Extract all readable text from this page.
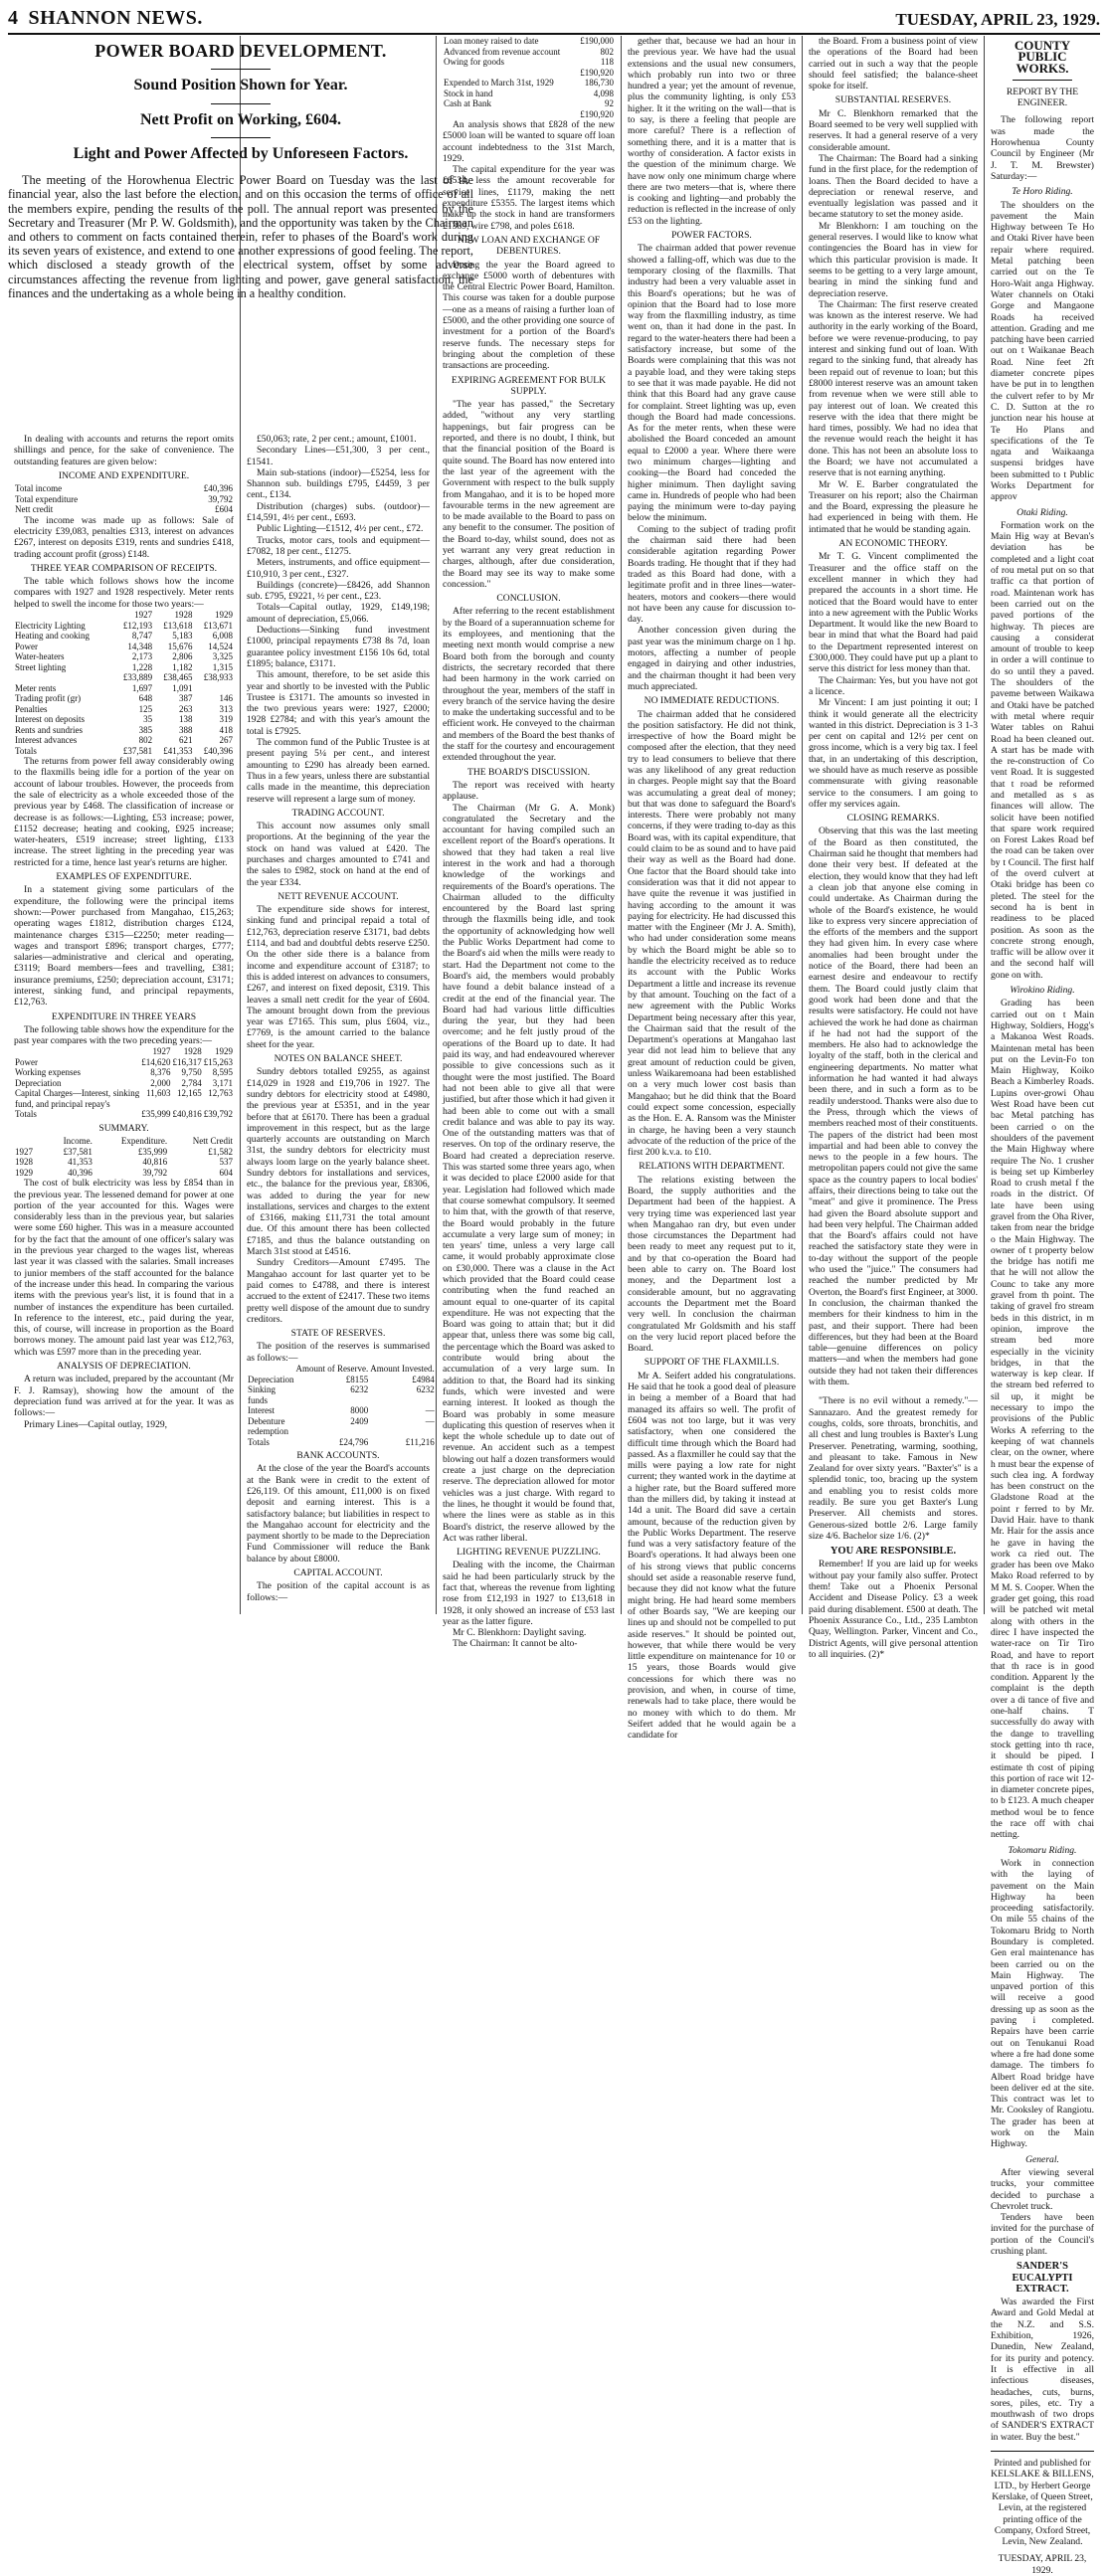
4 SHANNON NEWS.	TUESDAY, APRIL 23, 1929.
POWER BOARD DEVELOPMENT.
Sound Position Shown for Year.
Nett Profit on Working, £604.
Light and Power Affected by Unforeseen Factors.
The meeting of the Horowhenua Electric Power Board on Tuesday was the last of the financial year, also the last before the election, and on this occasion the terms of office of all the members expire, pending the results of the poll. The annual report was presented by the Secretary and Treasurer (Mr P. W. Goldsmith), and the opportunity was taken by the Chairman and others to comment on facts contained therein, refer to phases of the Board's work during its seven years of existence, and extend to one another expressions of good feeling. The report, which disclosed a steady growth of the electrical system, offset by some adverse circumstances affecting the revenue from lighting and power, gave general satisfaction, the finances and the undertaking as a whole being in a healthy condition.

In dealing with accounts and returns the report omits shillings and pence, for the sake of convenience. The outstanding features are given below:

INCOME AND EXPENDITURE.
Total income	£40,396
Total expenditure	39,792
Nett credit	£604

The income was made up as follows: Sale of electricity £39,083, penalties £313, interest on advances £267, interest on deposits £319, rents and sundries £418, trading account profit (gross) £148.

THREE YEAR COMPARISON OF RECEIPTS.

The table which follows shows how the income compares with 1927 and 1928 respectively. Meter rents helped to swell the income for those two years:—

	1927	1928	1929
Electricity Lighting	£12,193	£13,618	£13,671
Heating and cooking	8,747	5,183	6,008
Power	14,348	15,676	14,524
Water-heaters	2,173	2,806	3,325
Street lighting	1,228	1,182	1,315
	£33,889	£38,465	£38,933
Meter rents	1,697	1,091	
Trading profit (gr)	648	387	146
Penalties	125	263	313
Interest on deposits	35	138	319
Rents and sundries	385	388	418
Interest advances	802	621	267
Totals	£37,581	£41,353	£40,396

The returns from power fell away considerably owing to the flaxmills being idle for a portion of the year on account of labour troubles. However, the proceeds from the sale of electricity as a whole exceeded those of the previous year by £468. The classification of increase or decrease is as follows:—Lighting, £53 increase; power, £1152 decrease; heating and cooking, £925 increase; water-heaters, £519 increase; street lighting, £133 increase. The street lighting in the preceding year was restricted for a time, hence last year's returns are higher.

EXAMPLES OF EXPENDITURE.

In a statement giving some particulars of the expenditure, the following were the principal items shown:—Power purchased from Mangahao, £15,263; operating wages £1812, distribution charges £124, maintenance charges £315—£2250; meter reading—wages and transport £896; transport charges, £777; salaries—administrative and clerical and operating, £3119; Board members—fees and travelling, £381; insurance premiums, £250; depreciation account, £3171; interest, sinking fund, and principal repayments, £12,763.

EXPENDITURE IN THREE YEARS

The following table shows how the expenditure for the past year compares with the two preceding years:—

	1927	1928	1929
Power	£14,620	£16,317	£15,263
Working expenses	8,376	9,750	8,595
Depreciation	2,000	2,784	3,171
Capital Charges—Interest, sinking fund, and principal repay's	11,603	12,165	12,763
Totals	£35,999	£40,816	£39,792
SUMMARY.
	Income.	Expenditure.	Nett Credit
1927	£37,581	£35,999	£1,582
1928	41,353	40,816	537
1929	40,396	39,792	604

The cost of bulk electricity was less by £854 than in the previous year. The lessened demand for power at one portion of the year accounted for this. Wages were considerably less than in the previous year, but salaries were some £60 higher. This was in a measure accounted for by the fact that the amount of one officer's salary was in the previous year charged to the wages list, whereas last year it was classed with the salaries. Small increases to junior members of the staff accounted for the balance of the increase under this head. In comparing the various items with the previous year's list, it is found that in a number of instances the expenditure has been curtailed. In reference to the interest, etc., paid during the year, this, of course, will increase in proportion as the Board borrows money. The amount paid last year was £12,763, which was £597 more than in the preceding year.

ANALYSIS OF DEPRECIATION.

A return was included, prepared by the accountant (Mr F. J. Ramsay), showing how the amount of the depreciation fund was arrived at for the year. It was as follows:—

Primary Lines—Capital outlay, 1929,

£50,063; rate, 2 per cent.; amount, £1001.

Secondary Lines—£51,300, 3 per cent., £1541.

Main sub-stations (indoor)—£5254, less for Shannon sub. buildings £795, £4459, 3 per cent., £134.

Distribution (charges) subs. (outdoor)—£14,591, 4½ per cent., £693.

Public Lighting—£1512, 4½ per cent., £72.

Trucks, motor cars, tools and equipment—£7082, 18 per cent., £1275.

Meters, instruments, and office equipment—£10,910, 3 per cent., £327.

Buildings (concrete)—£8426, add Shannon sub. £795, £9221, ½ per cent., £23.

Totals—Capital outlay, 1929, £149,198; amount of depreciation, £5,066.

Deductions—Sinking fund investment £1000, principal repayments £738 8s 7d, loan guarantee policy investment £156 10s 6d, total £1895; balance, £3171.

This amount, therefore, to be set aside this year and shortly to be invested with the Public Trustee is £3171. The amounts so invested in the two previous years were: 1927, £2000; 1928 £2784; and with this year's amount the total is £7925.

The common fund of the Public Trustee is at present paying 5¼ per cent., and interest amounting to £290 has already been earned. Thus in a few years, unless there are substantial calls made in the meantime, this depreciation reserve will represent a large sum of money.

TRADING ACCOUNT.

This account now assumes only small proportions. At the beginning of the year the stock on hand was valued at £420. The purchases and charges amounted to £741 and the sales to £982, stock on hand at the end of the year £334.

NETT REVENUE ACCOUNT.

The expenditure side shows for interest, sinking fund and principal repaid a total of £12,763, depreciation reserve £3171, bad debts £114, and bad and doubtful debts reserve £250. On the other side there is a balance from income and expenditure account of £3187; to this is added interest on advances to consumers, £267, and interest on fixed deposit, £319. This leaves a small nett credit for the year of £604. The amount brought down from the previous year was £7165. This sum, plus £604, viz., £7769, is the amount carried to the balance sheet for the year.

NOTES ON BALANCE SHEET.

Sundry debtors totalled £9255, as against £14,029 in 1928 and £19,706 in 1927. The sundry debtors for electricity stood at £4980, the previous year at £5351, and in the year before that at £6170. There has been a gradual improvement in this respect, but as the large quarterly accounts are outstanding on March 31st, the sundry debtors for electricity must always loom large on the yearly balance sheet. Sundry debtors for installations and services, etc., the balance for the previous year, £8306, was added to during the year for new installations, services and charges to the extent of £3166, making £11,731 the total amount due. Of this amount there has been collected £7185, and thus the balance outstanding on March 31st stood at £4516.

Sundry Creditors—Amount £7495. The Mangahao account for last quarter yet to be paid comes to £4788, and there is interest accrued to the extent of £2417. These two items pretty well dispose of the amount due to sundry creditors.

STATE OF RESERVES.

The position of the reserves is summarised as follows:—

	Amount of Reserve.	Amount Invested.
Depreciation	£8155	£4984
Sinking funds	6232	6232
Interest	8000	—
Debenture redemption	2409	—
Totals	£24,796	£11,216
BANK ACCOUNTS.

At the close of the year the Board's accounts at the Bank were in credit to the extent of £26,119. Of this amount, £11,000 is on fixed deposit and earning interest. This is a satisfactory balance; but liabilities in respect to the Mangahao account for electricity and the payment shortly to be made to the Depreciation Fund Commissioner will reduce the Bank balance by about £8000.

CAPITAL ACCOUNT.

The position of the capital account is as follows:—

Loan money raised to date	£190,000
Advanced from revenue account	802
Owing for goods	118
	£190,920
Expended to March 31st, 1929	186,730
Stock in hand	4,098
Cash at Bank	92
	£190,920

An analysis shows that £828 of the new £5000 loan will be wanted to square off loan account indebtedness to the 31st March, 1929.

The capital expenditure for the year was £6534, less the amount recoverable for service lines, £1179, making the nett expenditure £5355. The largest items which make up the stock in hand are transformers £1389, wire £798, and poles £618.

NEW LOAN AND EXCHANGE OF DEBENTURES.

During the year the Board agreed to exchange £5000 worth of debentures with the Central Electric Power Board, Hamilton. This course was taken for a double purpose—one as a means of raising a further loan of £5000, and the other providing one source of investment for a portion of the Board's reserve funds. The necessary steps for bringing about the completion of these transactions are proceeding.

EXPIRING AGREEMENT FOR BULK SUPPLY.

"The year has passed," the Secretary added, "without any very startling happenings, but fair progress can be reported, and there is no doubt, I think, but that the financial position of the Board is quite sound. The Board has now entered into the last year of the agreement with the Government with respect to the bulk supply from Mangahao, and it is to be hoped more favourable terms in the new agreement are to be made available to the Board to pass on any benefit to the consumer. The position of the Board to-day, whilst sound, does not as yet warrant any very great reduction in charges, although, after due consideration, the Board may see its way to make some concession."

CONCLUSION.

After referring to the recent establishment by the Board of a superannuation scheme for its employees, and mentioning that the meeting next month would comprise a new Board both from the borough and county districts, the secretary recorded that there had been harmony in the work carried on throughout the year, members of the staff in every branch of the service having the desire to make the undertaking successful and to be efficient work. He conveyed to the chairman and members of the Board the best thanks of the staff for the courtesy and encouragement extended throughout the year.

THE BOARD'S DISCUSSION.

The report was received with hearty applause.

The Chairman (Mr G. A. Monk) congratulated the Secretary and the accountant for having compiled such an excellent report of the Board's operations. It showed that they had taken a real live interest in the work and had a thorough knowledge of the workings and requirements of the Board's operations. The Chairman alluded to the difficulty encountered by the Board last spring through the flaxmills being idle, and took the opportunity of acknowledging how well the Public Works Department had come to the Board's aid when the mills were ready to start. Had the Department not come to the Board's aid, the members would probably have found a debit balance instead of a credit at the end of the financial year. The Board had had various little difficulties during the year, but they had been overcome; and he felt justly proud of the operations of the Board up to date. It had paid its way, and had endeavoured wherever possible to give concessions such as it thought were the most justified. The Board had not been able to give all that were justified, but after those which it had given it had been able to come out with a small credit balance and was able to pay its way. One of the outstanding matters was that of reserves. On top of the ordinary reserve, the Board had created a depreciation reserve. This was started some three years ago, when it was decided to place £2000 aside for that year. Legislation had followed which made that course somewhat compulsory. It seemed to him that, with the growth of that reserve, the Board would probably in the future accumulate a very large sum of money; in ten years' time, unless a very large call came, it would probably approximate close on £30,000. There was a clause in the Act which provided that the Board could cease contributing when the fund reached an amount equal to one-quarter of its capital expenditure. He was not expecting that the Board was going to attain that; but it did appear that, unless there was some big call, the percentage which the Board was asked to contribute would bring about the accumulation of a very large sum. In addition to that, the Board had its sinking funds, which were invested and were earning interest. It looked as though the Board was probably in some measure duplicating this question of reserves when it kept the whole schedule up to date out of revenue. An accident such as a tempest blowing out half a dozen transformers would create a just charge on the depreciation reserve. The depreciation allowed for motor vehicles was a just charge. With regard to the lines, he thought it would be found that, where the lines were as stable as in this Board's district, the reserve allowed by the Act was rather liberal.

LIGHTING REVENUE PUZZLING.

Dealing with the income, the Chairman said he had been particularly struck by the fact that, whereas the revenue from lighting rose from £12,193 in 1927 to £13,618 in 1928, it only showed an increase of £53 last year as the latter figure.

Mr C. Blenkhorn: Daylight saving.

The Chairman: It cannot be alto-

gether that, because we had an hour in the previous year. We have had the usual extensions and the usual new consumers, which probably run into two or three hundred a year; yet the amount of revenue, plus the community lighting, is only £53 higher. It it the writing on the wall—that is to say, is there a feeling that people are more careful? There is a reflection of something there, and it is a matter that is worthy of consideration. A factor exists in the question of the minimum charge. We have now only one minimum charge where there are two meters—that is, where there is cooking and lighting—and probably the reduction is reflected in the increase of only £53 on the lighting.

POWER FACTORS.

The chairman added that power revenue showed a falling-off, which was due to the temporary closing of the flaxmills. That industry had been a very valuable asset in this Board's operations; but he was of opinion that the Board had to lose more way from the flaxmilling industry, as time went on, than it had done in the past. In regard to the water-heaters there had been a satisfactory increase, but some of the Boards were complaining that this was not a payable load, and they were taking steps to see that it was made payable. He did not think that this Board had any grave cause for complaint. Street lighting was up, even though the Board had made concessions. As for the meter rents, when these were abolished the Board conceded an amount equal to £2000 a year. Where there were two minimum charges—lighting and cooking—the Board had conceded the higher minimum. Then daylight saving came in. Hundreds of people who had been paying the minimum were to-day paying below the minimum.

Coming to the subject of trading profit the chairman said there had been considerable agitation regarding Power Boards trading. He thought that if they had traded as this Board had done, with a legitimate profit and in three lines—water-heaters, motors and cookers—there would not have been any cause for discussion to-day.

Another concession given during the past year was the minimum charge on 1 hp. motors, affecting a number of people engaged in dairying and other industries, and the chairman thought it had been very much appreciated.

NO IMMEDIATE REDUCTIONS.

The chairman added that he considered the position satisfactory. He did not think, irrespective of how the Board might be composed after the election, that they need try to lead consumers to believe that there was any likelihood of any great reduction in charges. People might say that the Board was accumulating a great deal of money; but that was done to safeguard the Board's interests. There were probably not many concerns, if they were trading to-day as this Board was, with its capital expenditure, that could claim to be as sound and to have paid their way as well as the Board had done. One factor that the Board should take into consideration was that it did not appear to have quite the revenue it was justified in having according to the amount it was paying for electricity. He had discussed this matter with the Engineer (Mr J. A. Smith), who had under consideration some means by which the Board might be able so to handle the electricity received as to reduce its account with the Public Works Department a little and increase its revenue by that amount. Touching on the fact of a new agreement with the Public Works Department being necessary after this year, the Chairman said that the result of the Department's operations at Mangahao last year did not lead him to believe that any great amount of reduction could be given, unless Waikaremoana had been established on a very much lower cost basis than Mangahao; but he did think that the Board could expect some concession, especially as the Hon. E. A. Ransom was the Minister in charge, he having been a very staunch advocate of the reduction of the price of the first 200 k.v.a. to £10.

RELATIONS WITH DEPARTMENT.

The relations existing between the Board, the supply authorities and the Department had been of the happiest. A very trying time was experienced last year when Mangahao ran dry, but even under those circumstances the Department had been ready to meet any request put to it, and by that co-operation the Board had been able to carry on. The Board lost money, and the Department lost a considerable amount, but no aggravating accounts the Department met the Board very well. In conclusion the chairman congratulated Mr Goldsmith and his staff on the very lucid report placed before the Board.

SUPPORT OF THE FLAXMILLS.

Mr A. Seifert added his congratulations. He said that he took a good deal of pleasure in being a member of a Board that had managed its affairs so well. The profit of £604 was not too large, but it was very satisfactory, when one considered the difficult time through which the Board had passed. As a flaxmiller he could say that the mills were paying a low rate for night current; they wanted work in the daytime at a higher rate, but the Board suffered more than the millers did, by taking it instead at 14d a unit. The Board did save a certain amount, because of the reduction given by the Public Works Department. The reserve fund was a very satisfactory feature of the Board's operations. It had always been one of his strong views that public concerns should set aside a reasonable reserve fund, because they did not know what the future might bring. He had heard some members of other Boards say, "We are keeping our lines up and should not be compelled to put aside reserves." It should be pointed out, however, that while there would be very little expenditure on maintenance for 10 or 15 years, those Boards would give concessions for which there was no provision, and when, in course of time, renewals had to take place, there would be no money with which to do them. Mr Seifert added that he would again be a candidate for

the Board. From a business point of view the operations of the Board had been carried out in such a way that the people should feel satisfied; the balance-sheet spoke for itself.

SUBSTANTIAL RESERVES.

Mr C. Blenkhorn remarked that the Board seemed to be very well supplied with reserves. It had a general reserve of a very considerable amount.

The Chairman: The Board had a sinking fund in the first place, for the redemption of loans. Then the Board decided to have a depreciation or renewal reserve, and eventually legislation was passed and it became statutory to set the money aside.

Mr Blenkhorn: I am touching on the general reserves. I would like to know what contingencies the Board has in view for which this particular provision is made. It seems to be getting to a very large amount, bearing in mind the sinking fund and depreciation reserve.

The Chairman: The first reserve created was known as the interest reserve. We had authority in the early working of the Board, before we were revenue-producing, to pay interest and sinking fund out of loan. With regard to the sinking fund, that already has been repaid out of revenue to loan; but this £8000 interest reserve was an amount taken from revenue when we were still able to pay interest out of loan. We created this reserve with the idea that there might be hard times, possibly. We had no idea that the revenue would reach the height it has done. This has not been an absolute loss to the Board; we have not accumulated a reserve that is not earning anything.

Mr W. E. Barber congratulated the Treasurer on his report; also the Chairman and the Board, expressing the pleasure he had experienced in being with them. He intimated that he would be standing again.

AN ECONOMIC THEORY.

Mr T. G. Vincent complimented the Treasurer and the office staff on the excellent manner in which they had prepared the accounts in a short time. He noticed that the Board would have to enter into a new agreement with the Public Works Department. It would like the new Board to bear in mind that what the Board had paid to the Department represented interest on £300,000. They could have put up a plant to serve this district for less money than that.

The Chairman: Yes, but you have not got a licence.

Mr Vincent: I am just pointing it out; I think it would generate all the electricity wanted in this district. Depreciation is 3 1-3 per cent on capital and 12½ per cent on gross income, which is a very big tax. I feel that, in an undertaking of this description, we should have as much reserve as possible commensurate with giving reasonable service to the consumers. I am going to offer my services again.

CLOSING REMARKS.

Observing that this was the last meeting of the Board as then constituted, the Chairman said he thought that members had done their very best. If defeated at the election, they would know that they had left a clean job that anyone else coming in could undertake. As Chairman during the whole of the Board's existence, he would like to express very sincere appreciation of the efforts of the members and the support they had given him. In every case where anomalies had been brought under the notice of the Board, there had been an earnest desire and endeavour to rectify them. The Board could justly claim that good work had been done and that the results were satisfactory. He could not have achieved the work he had done as chairman if he had not had the support of the members. He also had to acknowledge the loyalty of the staff, both in the clerical and engineering departments. No matter what information he had wanted it had always been there, and in such a form as to be readily understood. Thanks were also due to the Press, through which the views of members reached most of their constituents. The papers of the district had been most impartial and had been able to convey the news to the people in a few hours. The metropolitan papers could not give the same space as the country papers to local bodies' affairs, their directions being to take out the "meat" and give it prominence. The Press had given the Board absolute support and had been very helpful. The Chairman added that the Board's affairs could not have reached the satisfactory state they were in to-day without the support of the people who used the "juice." The consumers had reached the number predicted by Mr Overton, the Board's first Engineer, at 3000. In conclusion, the chairman thanked the members for their kindness to him in the past, and their support. There had been differences, but they had been at the Board table—genuine differences on policy matters—and when the members had gone outside they had not taken their differences with them.

"There is no evil without a remedy."—Sannazaro. And the greatest remedy for coughs, colds, sore throats, bronchitis, and all chest and lung troubles is Baxter's Lung Preserver. Penetrating, warming, soothing, and pleasant to take. Famous in New Zealand for over sixty years. "Baxter's" is a splendid tonic, too, bracing up the system and enabling you to resist colds more readily. Be sure you get Baxter's Lung Preserver. All chemists and stores. Generous-sized bottle 2/6. Large family size 4/6. Bachelor size 1/6. (2)*

YOU ARE RESPONSIBLE.

Remember! If you are laid up for weeks without pay your family also suffer. Protect them! Take out a Phoenix Personal Accident and Disease Policy. £3 a week paid during disablement. £500 at death. The Phoenix Assurance Co., Ltd., 235 Lambton Quay, Wellington. Parker, Vincent and Co., District Agents, will give personal attention to all inquiries. (2)*

COUNTY PUBLIC WORKS.
REPORT BY THE ENGINEER.

The following report was made the Horowhenua County Council by Engineer (Mr J. T. M. Brewster) Saturday:—

Te Horo Riding.

The shoulders on the pavement the Main Highway between Te Ho and Otaki River have been repair where required. Metal patching been carried out on the Te Horo-Wait anga Highway. Water channels on Otaki Gorge and Mangaone Roads ha received attention. Grading and me patching have been carried out on t Waikanae Beach Road. Nine feet 2ft diameter concrete pipes have be put in to lengthen the culvert refer to by Mr C. D. Sutton at the ro junction near his house at Te Ho Plans and specifications of the Te ngata and Waikaanga suspensi bridges have been submitted to t Public Works Department for approv

Otaki Riding.

Formation work on the Main Hig way at Bevan's deviation has be completed and a light coat of rou metal put on so that traffic ca that portion of road. Maintenan work has been carried out on the paved portions of the highway. Th pieces are causing a considerat amount of trouble to keep in order a will continue to do so until they a paved. The shoulders of the paveme between Waikawa and Otaki have be patched with metal where requir Water tables on Rahui Road ha been cleaned out. A start has be made with the re-construction of Co vent Road. It is suggested that t road be reformed and metalled as s as finances will allow. The solicit have been notified that spare work required on Forest Lakes Road bef the road can be taken over by t Council. The first half of the overd culvert at Otaki bridge has been co pleted. The steel for the second ha is bent in readiness to be placed position. As soon as the concrete strong enough, traffic will be allow over it and the second half will gone on with.

Wirokino Riding.

Grading has been carried out on t Main Highway, Soldiers, Hogg's a Makanoa West Roads. Maintenan metal has been put on the Levin-Fo ton Main Highway, Koiko Beach a Kimberley Roads. Lupins over-growi Ohau West Road have been cut bac Metal patching has been carried o on the shoulders of the pavement the Main Highway where require The No. 1 crusher is being set up Kimberley Road to crush metal f the roads in the district. Of late have been using gravel from the Oha River, taken from near the bridge o the Main Highway. The owner of t property below the bridge has notifi me that he will not allow the Counc to take any more gravel from th point. The taking of gravel fro stream beds in this district, in m opinion, improve the stream bed more especially in the vicinity bridges, in that the waterway is kep clear. If the stream bed referred to sil up, it might be necessary to impo the provisions of the Public Works A referring to the keeping of wat channels clear, on the owner, where h must bear the expense of such clea ing. A fordway has been construct on the Gladstone Road at the point r ferred to by Mr. David Hair. have to thank Mr. Hair for the assis ance he gave in having the work ca ried out. The grader has been ove Mako Mako Road referred to by M M. S. Cooper. When the grader get going, this road will be patched wit metal along with others in the direc I have inspected the water-race on Tir Tiro Road, and have to report that th race is in good condition. Apparent ly the complaint is the depth over a di tance of five and one-half chains. T successfully do away with the dange to travelling stock getting into th race, it should be piped. I estimate th cost of piping this portion of race wit 12-in diameter concrete pipes, to b £123. A much cheaper method woul be to fence the race off with chai netting.

Tokomaru Riding.

Work in connection with the laying of pavement on the Main Highway ha been proceeding satisfactorily. On mile 55 chains of the Tokomaru Bridg to North Boundary is completed. Gen eral maintenance has been carried ou on the Main Highway. The unpaved portion of this will receive a good dressing up as soon as the paving i completed. Repairs have been carrie out on Tenukanui Road where a fre had done some damage. The timbers fo Albert Road bridge have been deliver ed at the site. This contract was let to Mr. Cooksley of Rangiotu. The grader has been at work on the Main Highway.

General.

After viewing several trucks, your committee decided to purchase a Chevrolet truck.

Tenders have been invited for the purchase of portion of the Council's crushing plant.

SANDER'S EUCALYPTI EXTRACT.

Was awarded the First Award and Gold Medal at the N.Z. and S.S. Exhibition, 1926, Dunedin, New Zealand, for its purity and potency. It is effective in all infectious diseases, headaches, cuts, burns, sores, piles, etc. Try a mouthwash of two drops of SANDER'S EXTRACT in water. Buy the best."

Printed and published for KELSLAKE & BILLENS, LTD., by Herbert George Kerslake, of Queen Street, Levin, at the registered printing office of the Company, Oxford Street, Levin, New Zealand.

TUESDAY, APRIL 23, 1929.
